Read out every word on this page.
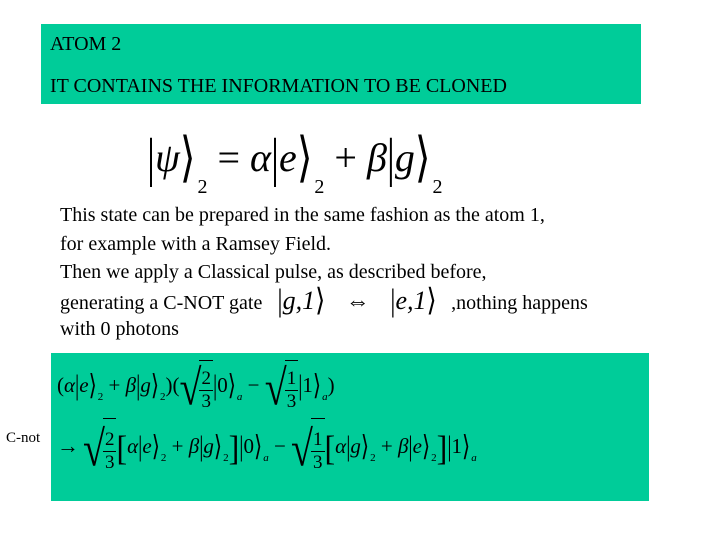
ATOM 2
IT CONTAINS THE INFORMATION TO BE CLONED
|ψ⟩ $_2$ = α|e⟩ $_2$ + β|g⟩ $_2$
This state can be prepared in the same fashion as the atom 1,
for example with a Ramsey Field.
Then we apply a Classical pulse, as described before,
generating a C-NOT gate |g,1⟩ ⇔ |e,1⟩ ,nothing happens
with 0 photons
C-not
($\alpha|e⟩_2$ + $\beta|g⟩_2)(√$
$\frac{2}{3}$ $|0⟩_a$ − √
$\frac{1}{3}$ $|1⟩_a$)
→ √
$\frac{2}{3}$ [$\alpha|e⟩_2$ + $\beta|g⟩_2]|0⟩_a$ − √
$\frac{1}{3}$ [$\alpha|g⟩_2$ + $\beta|e⟩_2]|1⟩_a$
